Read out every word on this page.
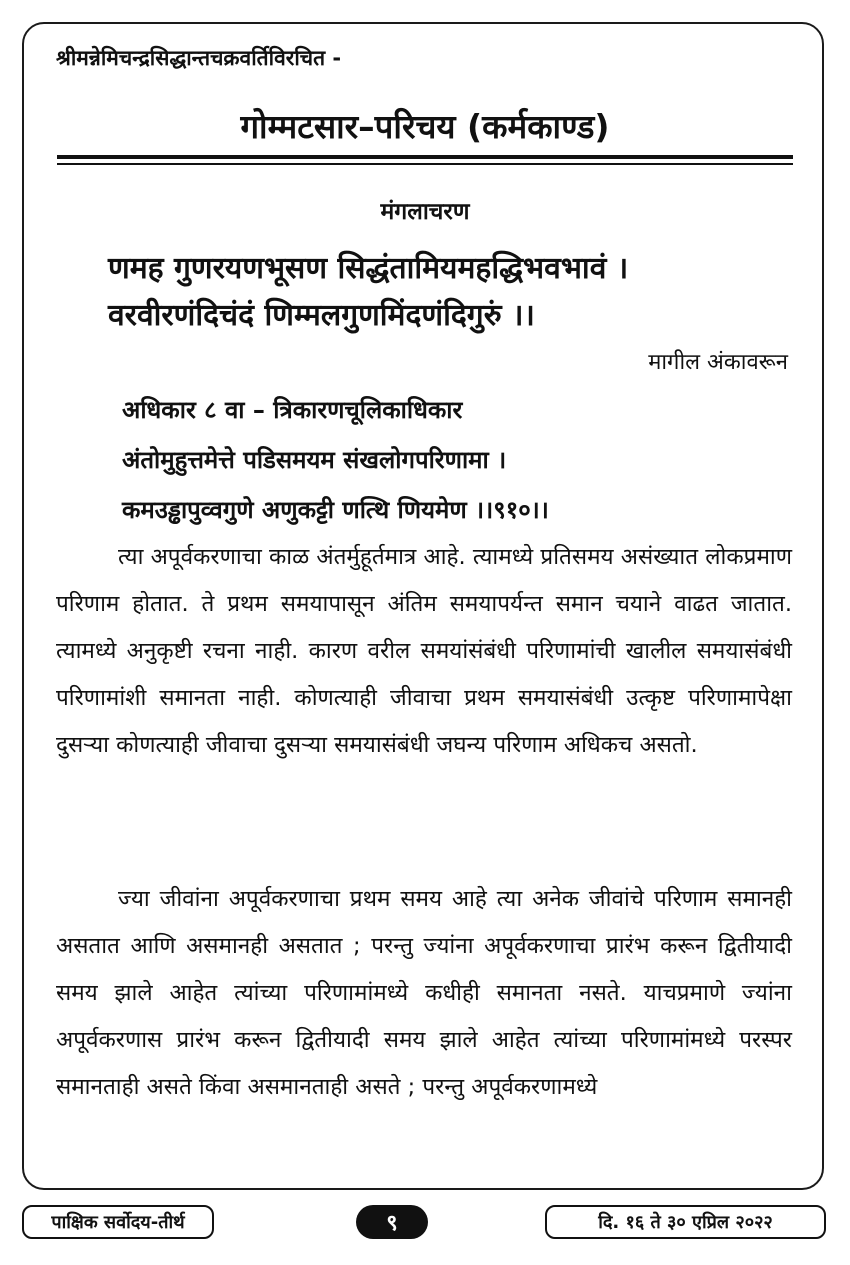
श्रीमन्नेमिचन्द्रसिद्धान्तचक्रवर्तिविरचित -
गोम्मटसार–परिचय (कर्मकाण्ड)
मंगलाचरण
णमह गुणरयणभूसण सिद्धंतामियमहद्धिभवभावं ।
वरवीरणंदिचंदं णिम्मलगुणमिंदणंदिगुरुं ।।
मागील अंकावरून
अधिकार ८ वा – त्रिकारणचूलिकाधिकार
अंतोमुहुत्तमेत्ते पडिसमयम संखलोगपरिणामा ।
कमउड्ढापुव्वगुणे अणुकट्टी णत्थि णियमेण ।।९१०।।

त्या अपूर्वकरणाचा काळ अंतर्मुहूर्तमात्र आहे. त्यामध्ये प्रतिसमय असंख्यात लोकप्रमाण परिणाम होतात. ते प्रथम समयापासून अंतिम समयापर्यन्त समान चयाने वाढत जातात. त्यामध्ये अनुकृष्टी रचना नाही. कारण वरील समयांसंबंधी परिणामांची खालील समयासंबंधी परिणामांशी समानता नाही. कोणत्याही जीवाचा प्रथम समयासंबंधी उत्कृष्ट परिणामापेक्षा दुसऱ्या कोणत्याही जीवाचा दुसऱ्या समयासंबंधी जघन्य परिणाम अधिकच असतो.

ज्या जीवांना अपूर्वकरणाचा प्रथम समय आहे त्या अनेक जीवांचे परिणाम समानही असतात आणि असमानही असतात ; परन्तु ज्यांना अपूर्वकरणाचा प्रारंभ करून द्वितीयादी समय झाले आहेत त्यांच्या परिणामांमध्ये कधीही समानता नसते. याचप्रमाणे ज्यांना अपूर्वकरणास प्रारंभ करून द्वितीयादी समय झाले आहेत त्यांच्या परिणामांमध्ये परस्पर समानताही असते किंवा असमानताही असते ; परन्तु अपूर्वकरणामध्ये

पाक्षिक सर्वोदय-तीर्थ	९	दि. १६ ते ३० एप्रिल २०२२
